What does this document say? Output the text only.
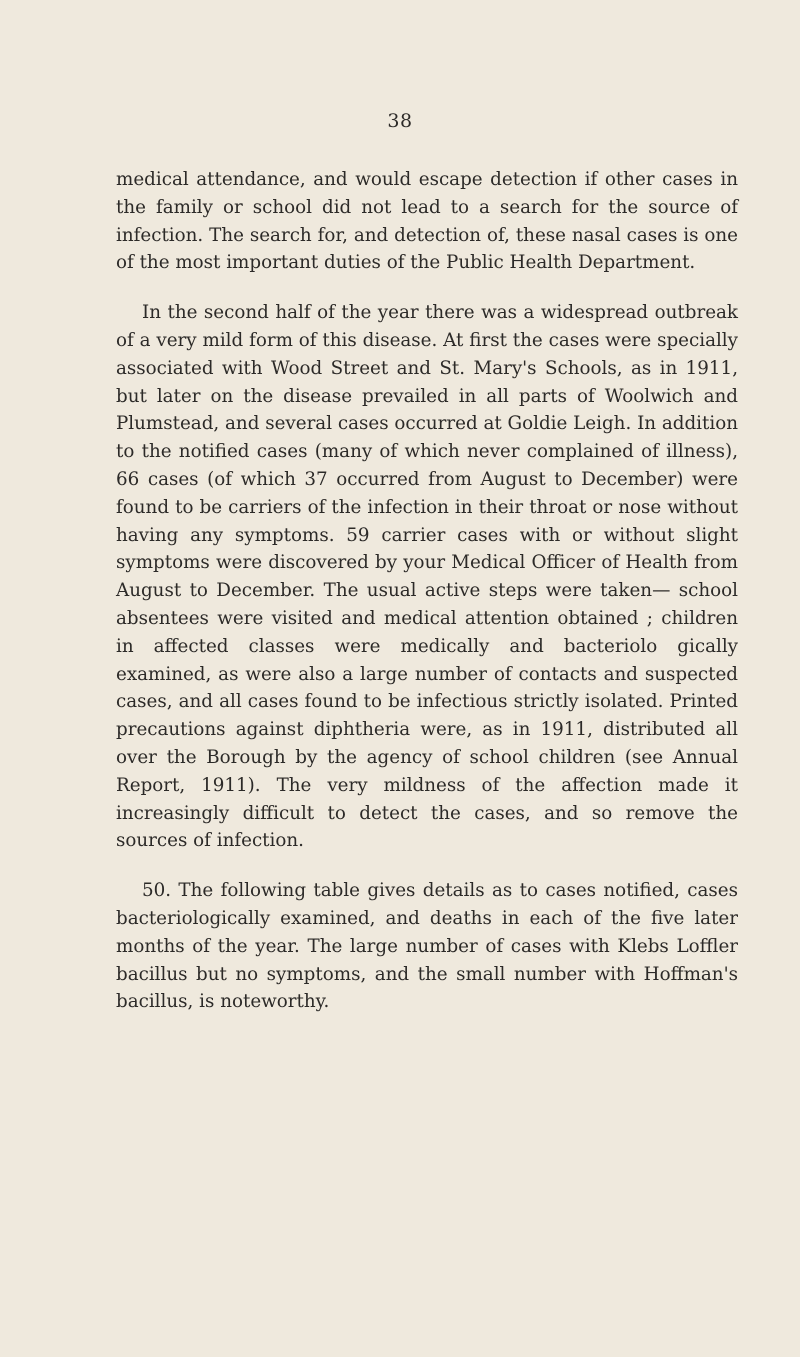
38

medical attendance, and would escape detection if other cases in the family or school did not lead to a search for the source of infection. The search for, and detection of, these nasal cases is one of the most important duties of the Public Health Department.

In the second half of the year there was a widespread outbreak of a very mild form of this disease. At first the cases were specially associated with Wood Street and St. Mary's Schools, as in 1911, but later on the disease prevailed in all parts of Woolwich and Plumstead, and several cases occurred at Goldie Leigh. In addition to the notified cases (many of which never complained of illness), 66 cases (of which 37 occurred from August to December) were found to be carriers of the infection in their throat or nose without having any symptoms. 59 carrier cases with or without slight symptoms were discovered by your Medical Officer of Health from August to December. The usual active steps were taken— school absentees were visited and medical attention obtained ; children in affected classes were medically and bacteriolo gically examined, as were also a large number of contacts and suspected cases, and all cases found to be infectious strictly isolated. Printed precautions against diphtheria were, as in 1911, distributed all over the Borough by the agency of school children (see Annual Report, 1911). The very mildness of the affection made it increasingly difficult to detect the cases, and so remove the sources of infection.

50. The following table gives details as to cases notified, cases bacteriologically examined, and deaths in each of the five later months of the year. The large number of cases with Klebs Loffler bacillus but no symptoms, and the small number with Hoffman's bacillus, is noteworthy.
